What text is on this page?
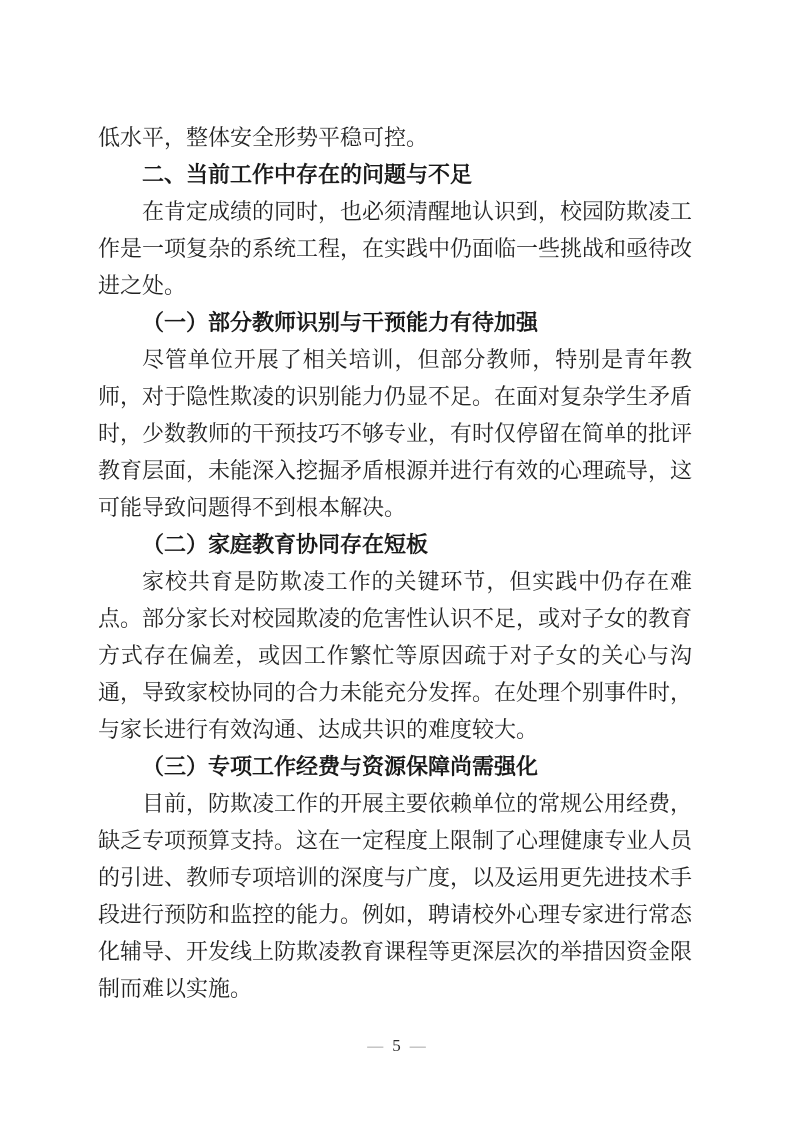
低水平，整体安全形势平稳可控。

二、当前工作中存在的问题与不足

在肯定成绩的同时，也必须清醒地认识到，校园防欺凌工作是一项复杂的系统工程，在实践中仍面临一些挑战和亟待改进之处。

（一）部分教师识别与干预能力有待加强

尽管单位开展了相关培训，但部分教师，特别是青年教师，对于隐性欺凌的识别能力仍显不足。在面对复杂学生矛盾时，少数教师的干预技巧不够专业，有时仅停留在简单的批评教育层面，未能深入挖掘矛盾根源并进行有效的心理疏导，这可能导致问题得不到根本解决。

（二）家庭教育协同存在短板

家校共育是防欺凌工作的关键环节，但实践中仍存在难点。部分家长对校园欺凌的危害性认识不足，或对子女的教育方式存在偏差，或因工作繁忙等原因疏于对子女的关心与沟通，导致家校协同的合力未能充分发挥。在处理个别事件时，与家长进行有效沟通、达成共识的难度较大。

（三）专项工作经费与资源保障尚需强化

目前，防欺凌工作的开展主要依赖单位的常规公用经费，缺乏专项预算支持。这在一定程度上限制了心理健康专业人员的引进、教师专项培训的深度与广度，以及运用更先进技术手段进行预防和监控的能力。例如，聘请校外心理专家进行常态化辅导、开发线上防欺凌教育课程等更深层次的举措因资金限制而难以实施。

— 5 —
